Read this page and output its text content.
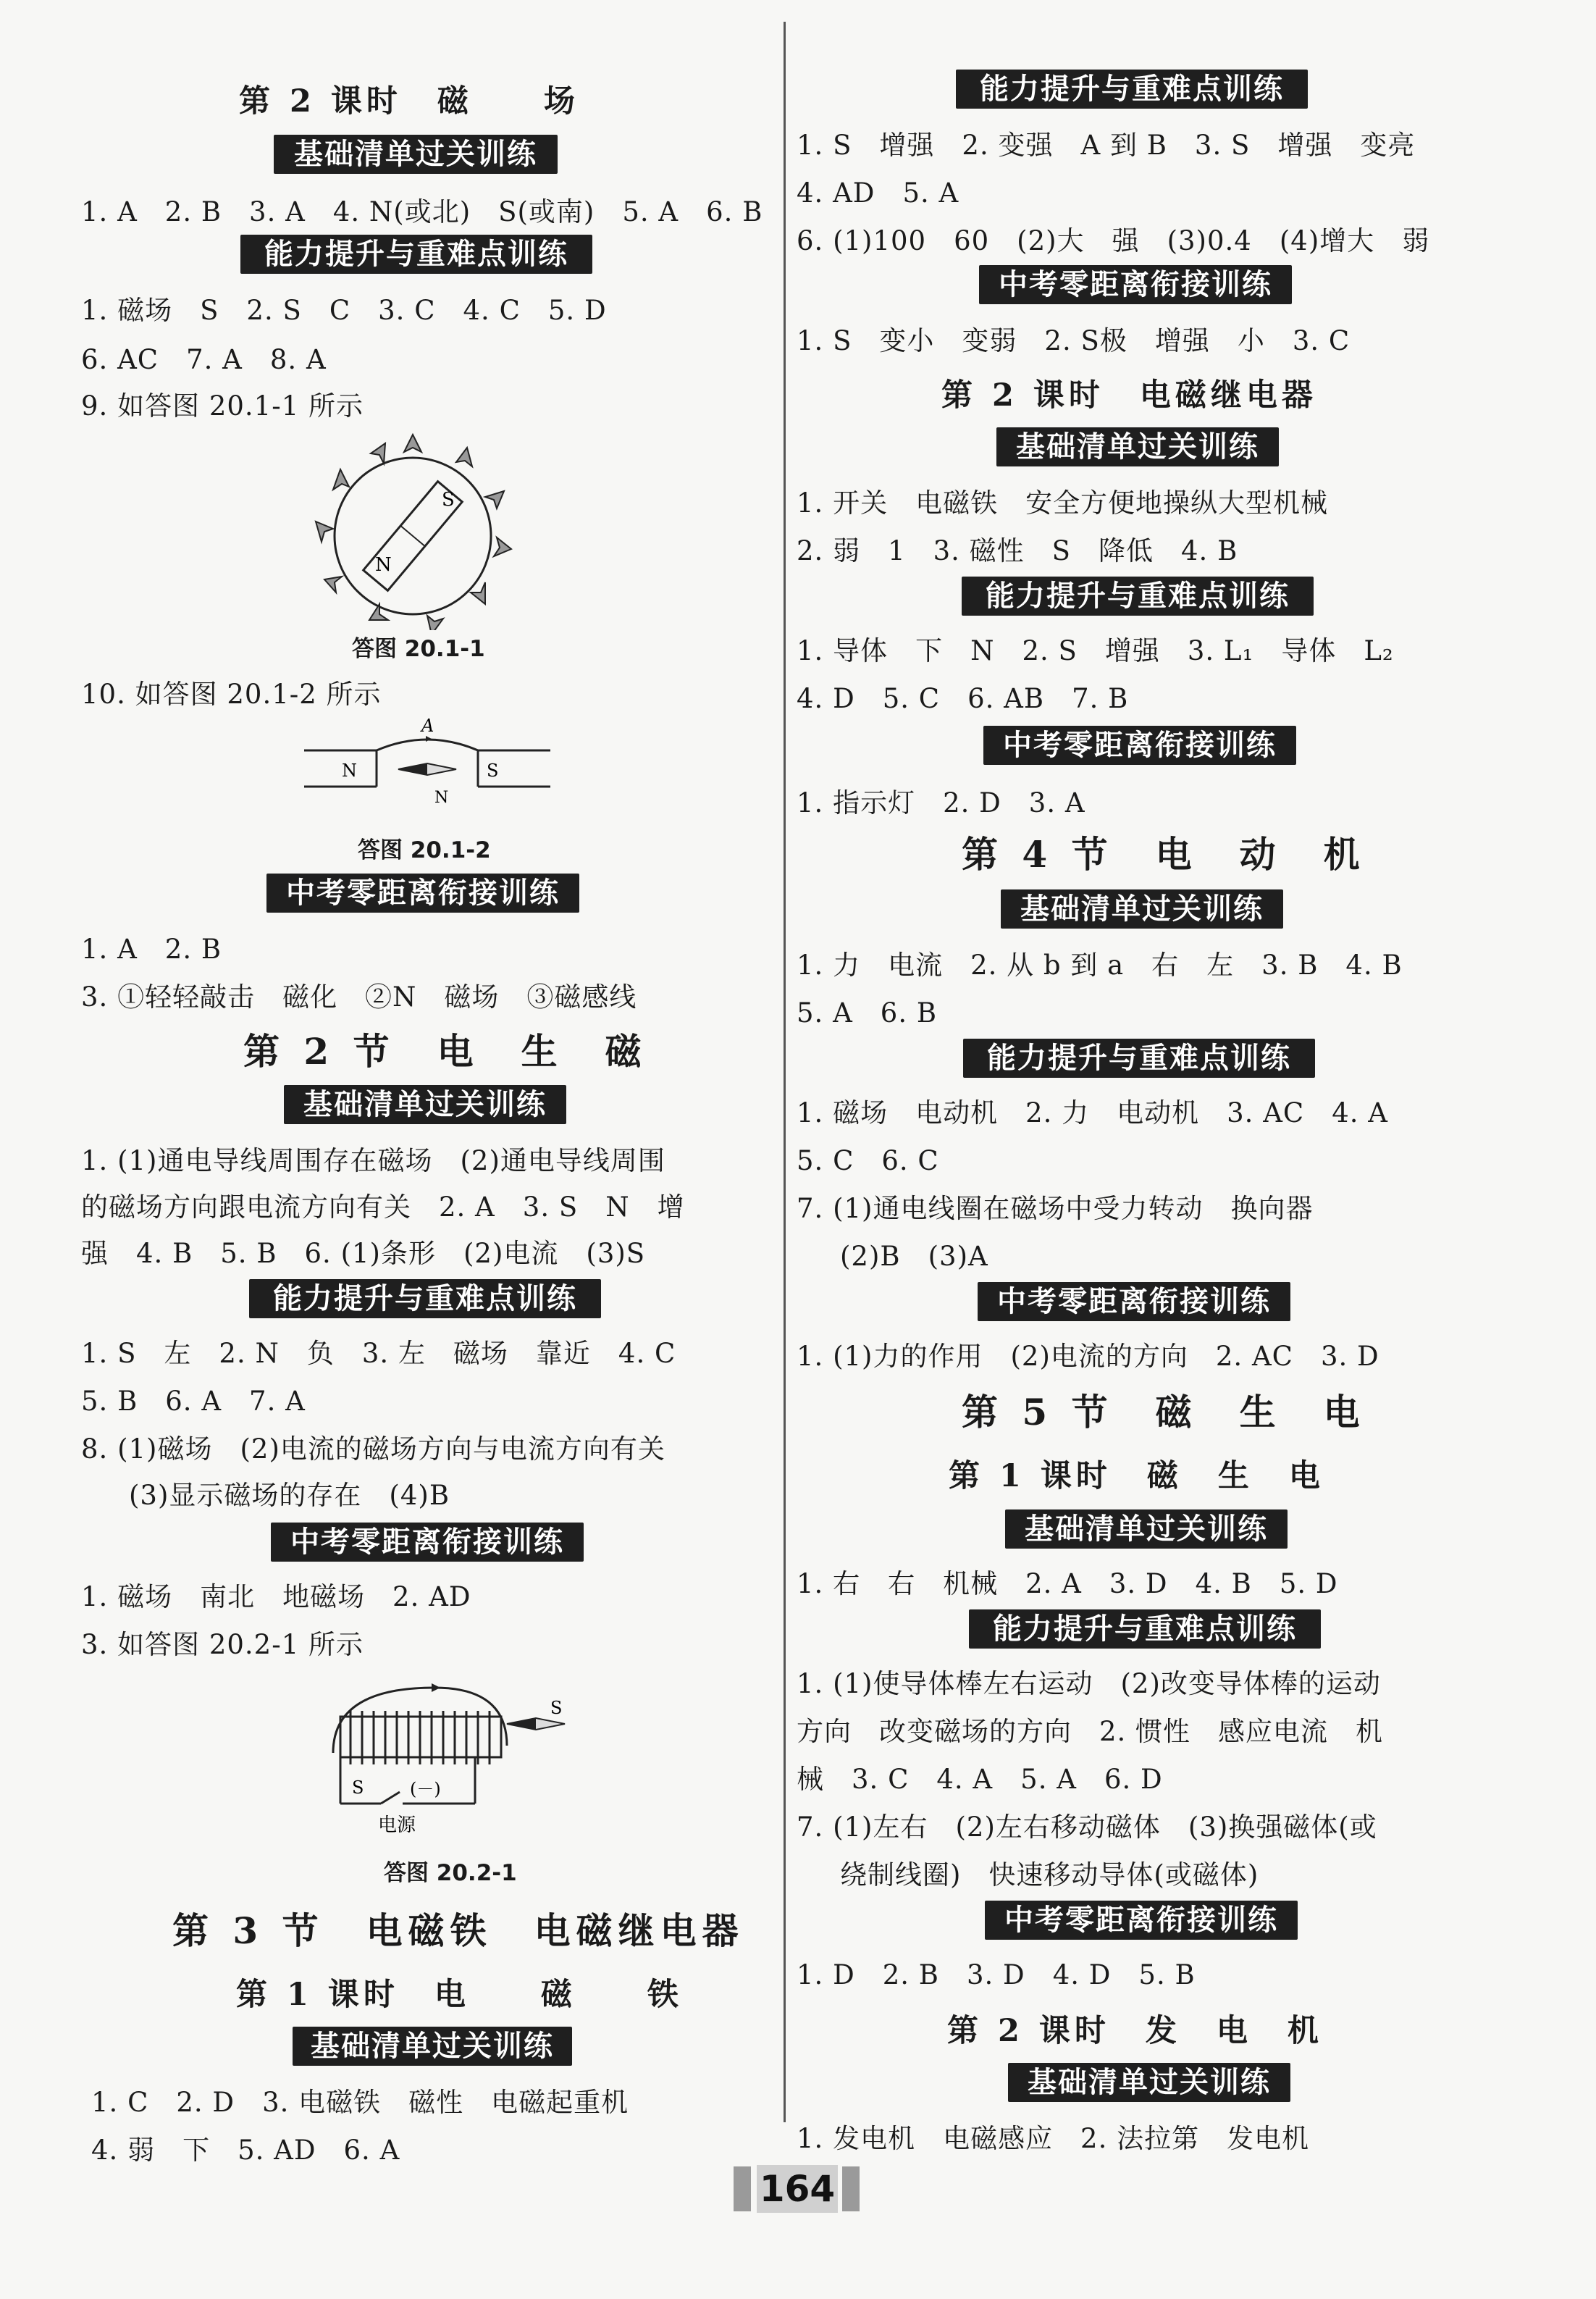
第 2 课时　磁　　场
基础清单过关训练
1. A　2. B　3. A　4. N(或北)　S(或南)　5. A　6. B
能力提升与重难点训练
1. 磁场　S　2. S　C　3. C　4. C　5. D
6. AC　7. A　8. A
9. 如答图 20.1-1 所示
S
N
答图 20.1-1
10. 如答图 20.1-2 所示
A
N	S
N
答图 20.1-2
中考零距离衔接训练
1. A　2. B
3. ①轻轻敲击　磁化　②N　磁场　③磁感线
第 2 节　电　生　磁
基础清单过关训练
1. (1)通电导线周围存在磁场　(2)通电导线周围
的磁场方向跟电流方向有关　2. A　3. S　N　增
强　4. B　5. B　6. (1)条形　(2)电流　(3)S
能力提升与重难点训练
1. S　左　2. N　负　3. 左　磁场　靠近　4. C
5. B　6. A　7. A
8. (1)磁场　(2)电流的磁场方向与电流方向有关
(3)显示磁场的存在　(4)B
中考零距离衔接训练
1. 磁场　南北　地磁场　2. AD
3. 如答图 20.2-1 所示
S	(－)
电源
S
答图 20.2-1
第 3 节　电磁铁　电磁继电器
第 1 课时　电　　磁　　铁
基础清单过关训练
1. C　2. D　3. 电磁铁　磁性　电磁起重机
4. 弱　下　5. AD　6. A
能力提升与重难点训练
1. S　增强　2. 变强　A 到 B　3. S　增强　变亮
4. AD　5. A
6. (1)100　60　(2)大　强　(3)0.4　(4)增大　弱
中考零距离衔接训练
1. S　变小　变弱　2. S极　增强　小　3. C
第 2 课时　电磁继电器
基础清单过关训练
1. 开关　电磁铁　安全方便地操纵大型机械
2. 弱　1　3. 磁性　S　降低　4. B
能力提升与重难点训练
1. 导体　下　N　2. S　增强　3. L₁　导体　L₂
4. D　5. C　6. AB　7. B
中考零距离衔接训练
1. 指示灯　2. D　3. A
第 4 节　电　动　机
基础清单过关训练
1. 力　电流　2. 从 b 到 a　右　左　3. B　4. B
5. A　6. B
能力提升与重难点训练
1. 磁场　电动机　2. 力　电动机　3. AC　4. A
5. C　6. C
7. (1)通电线圈在磁场中受力转动　换向器
(2)B　(3)A
中考零距离衔接训练
1. (1)力的作用　(2)电流的方向　2. AC　3. D
第 5 节　磁　生　电
第 1 课时　磁　生　电
基础清单过关训练
1. 右　右　机械　2. A　3. D　4. B　5. D
能力提升与重难点训练
1. (1)使导体棒左右运动　(2)改变导体棒的运动
方向　改变磁场的方向　2. 惯性　感应电流　机
械　3. C　4. A　5. A　6. D
7. (1)左右　(2)左右移动磁体　(3)换强磁体(或
绕制线圈)　快速移动导体(或磁体)
中考零距离衔接训练
1. D　2. B　3. D　4. D　5. B
第 2 课时　发　电　机
基础清单过关训练
1. 发电机　电磁感应　2. 法拉第　发电机
164
